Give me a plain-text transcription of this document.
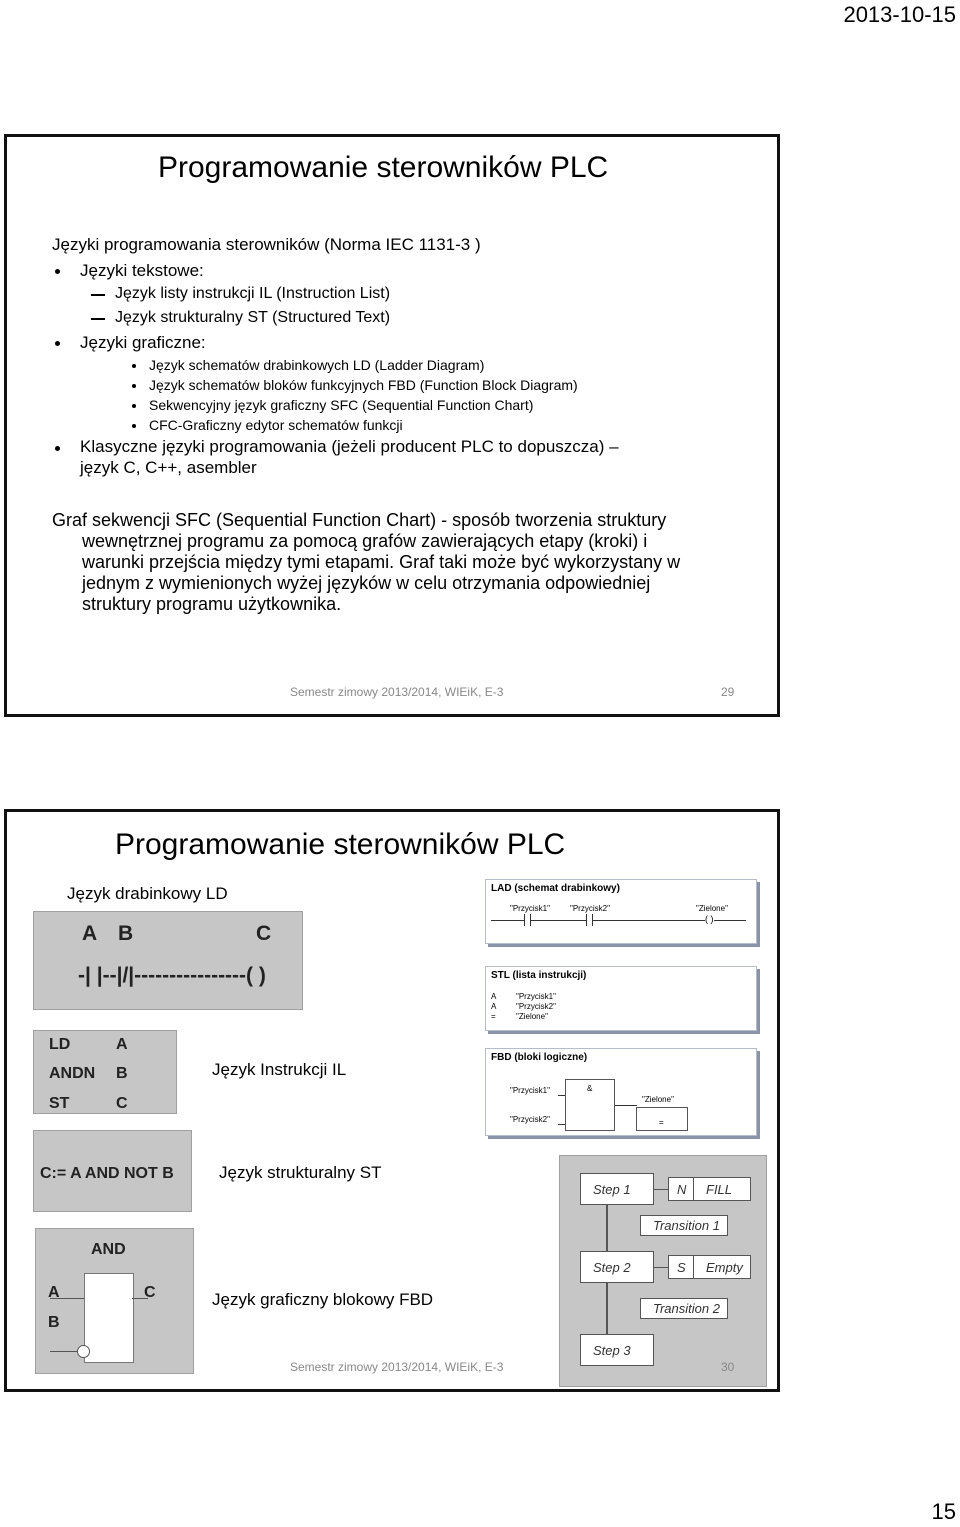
2013-10-15
Programowanie sterowników PLC
Języki programowania sterowników (Norma IEC 1131-3 )
Języki tekstowe:
Język listy instrukcji IL (Instruction List)
Język strukturalny ST (Structured Text)
Języki graficzne:
Język schematów drabinkowych LD (Ladder Diagram)
Język schematów bloków funkcyjnych FBD (Function Block Diagram)
Sekwencyjny język graficzny SFC (Sequential Function Chart)
CFC-Graficzny edytor schematów funkcji
Klasyczne języki programowania (jeżeli producent PLC to dopuszcza) –
język C, C++, asembler
Graf sekwencji SFC (Sequential Function Chart) - sposób tworzenia struktury
wewnętrznej programu za pomocą grafów zawierających etapy (kroki) i
warunki przejścia między tymi etapami. Graf taki może być wykorzystany w
jednym z wymienionych wyżej języków w celu otrzymania odpowiedniej
struktury programu użytkownika.
Semestr zimowy 2013/2014, WIEiK, E-3	29
Programowanie sterowników PLC
Język drabinkowy LD
A B	C
-| |--|/|----------------( )
LD	A
ANDN B
ST	C
Język Instrukcji IL
C:= A AND NOT B	Język strukturalny ST
AND
A
B
C	Język graficzny blokowy FBD
LAD (schemat drabinkowy)
"Przycisk1"	"Przycisk2"	"Zielone"
( )
STL (lista instrukcji)
A "Przycisk1"
A "Przycisk2"
=	"Zielone"
FBD (bloki logiczne)
"Przycisk1"
"Przycisk2"
&
"Zielone"
=
Step 1	N FILL
Transition 1
Step 2	S Empty
Transition 2
Step 3
Semestr zimowy 2013/2014, WIEiK, E-3	30
15
